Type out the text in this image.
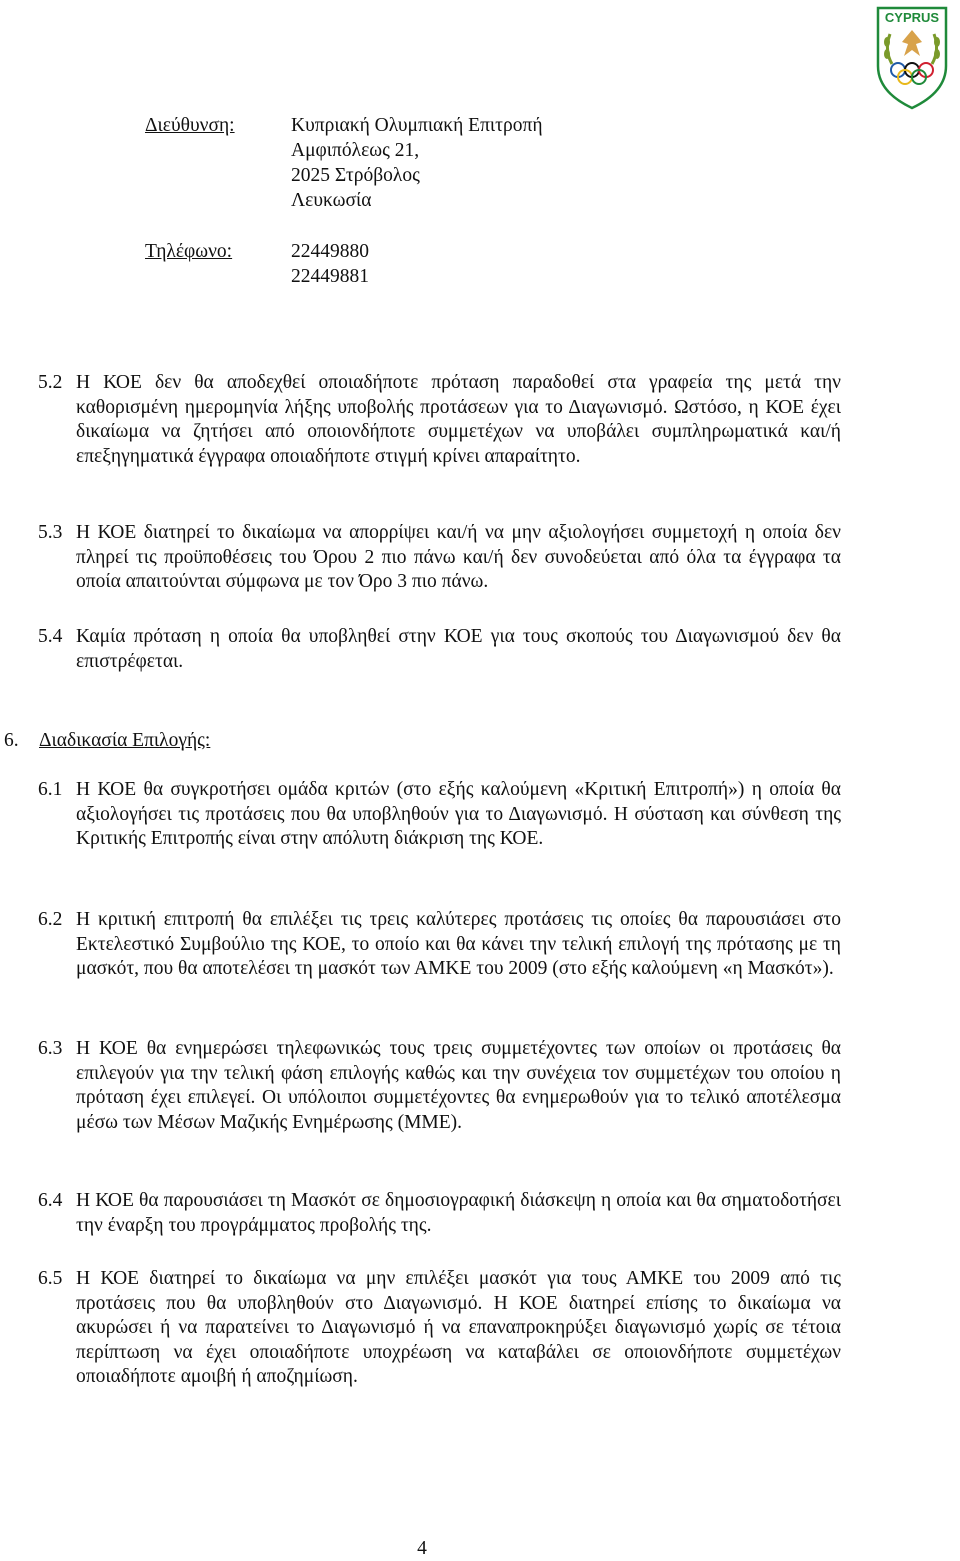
CYPRUS
Διεύθυνση:	Κυπριακή Ολυμπιακή Επιτροπή
Αμφιπόλεως 21,
2025 Στρόβολος
Λευκωσία
Τηλέφωνο:	22449880
22449881
5.2 Η ΚΟΕ δεν θα αποδεχθεί οποιαδήποτε πρόταση παραδοθεί στα γραφεία της μετά την καθορισμένη ημερομηνία λήξης υποβολής προτάσεων για το Διαγωνισμό. Ωστόσο, η ΚΟΕ έχει δικαίωμα να ζητήσει από οποιονδήποτε συμμετέχων να υποβάλει συμπληρωματικά και/ή επεξηγηματικά έγγραφα οποιαδήποτε στιγμή κρίνει απαραίτητο.
5.3 Η ΚΟΕ διατηρεί το δικαίωμα να απορρίψει και/ή να μην αξιολογήσει συμμετοχή η οποία δεν πληρεί τις προϋποθέσεις του Όρου 2 πιο πάνω και/ή δεν συνοδεύεται από όλα τα έγγραφα τα οποία απαιτούνται σύμφωνα με τον Όρο 3 πιο πάνω.
5.4 Καμία πρόταση η οποία θα υποβληθεί στην ΚΟΕ για τους σκοπούς του Διαγωνισμού δεν θα επιστρέφεται.
6. Διαδικασία Επιλογής:
6.1 Η ΚΟΕ θα συγκροτήσει ομάδα κριτών (στο εξής καλούμενη «Κριτική Επιτροπή») η οποία θα αξιολογήσει τις προτάσεις που θα υποβληθούν για το Διαγωνισμό. Η σύσταση και σύνθεση της Κριτικής Επιτροπής είναι στην απόλυτη διάκριση της ΚΟΕ.
6.2 Η κριτική επιτροπή θα επιλέξει τις τρεις καλύτερες προτάσεις τις οποίες θα παρουσιάσει στο Εκτελεστικό Συμβούλιο της ΚΟΕ, το οποίο και θα κάνει την τελική επιλογή της πρότασης με τη μασκότ, που θα αποτελέσει τη μασκότ των ΑΜΚΕ του 2009 (στο εξής καλούμενη «η Μασκότ»).
6.3 Η ΚΟΕ θα ενημερώσει τηλεφωνικώς τους τρεις συμμετέχοντες των οποίων οι προτάσεις θα επιλεγούν για την τελική φάση επιλογής καθώς και την συνέχεια τον συμμετέχων του οποίου η πρόταση έχει επιλεγεί. Οι υπόλοιποι συμμετέχοντες θα ενημερωθούν για το τελικό αποτέλεσμα μέσω των Μέσων Μαζικής Ενημέρωσης (ΜΜΕ).
6.4 Η ΚΟΕ θα παρουσιάσει τη Μασκότ σε δημοσιογραφική διάσκεψη η οποία και θα σηματοδοτήσει την έναρξη του προγράμματος προβολής της.
6.5 Η ΚΟΕ διατηρεί το δικαίωμα να μην επιλέξει μασκότ για τους ΑΜΚΕ του 2009 από τις προτάσεις που θα υποβληθούν στο Διαγωνισμό. Η ΚΟΕ διατηρεί επίσης το δικαίωμα να ακυρώσει ή να παρατείνει το Διαγωνισμό ή να επαναπροκηρύξει διαγωνισμό χωρίς σε τέτοια περίπτωση να έχει οποιαδήποτε υποχρέωση να καταβάλει σε οποιονδήποτε συμμετέχων οποιαδήποτε αμοιβή ή αποζημίωση.
4
